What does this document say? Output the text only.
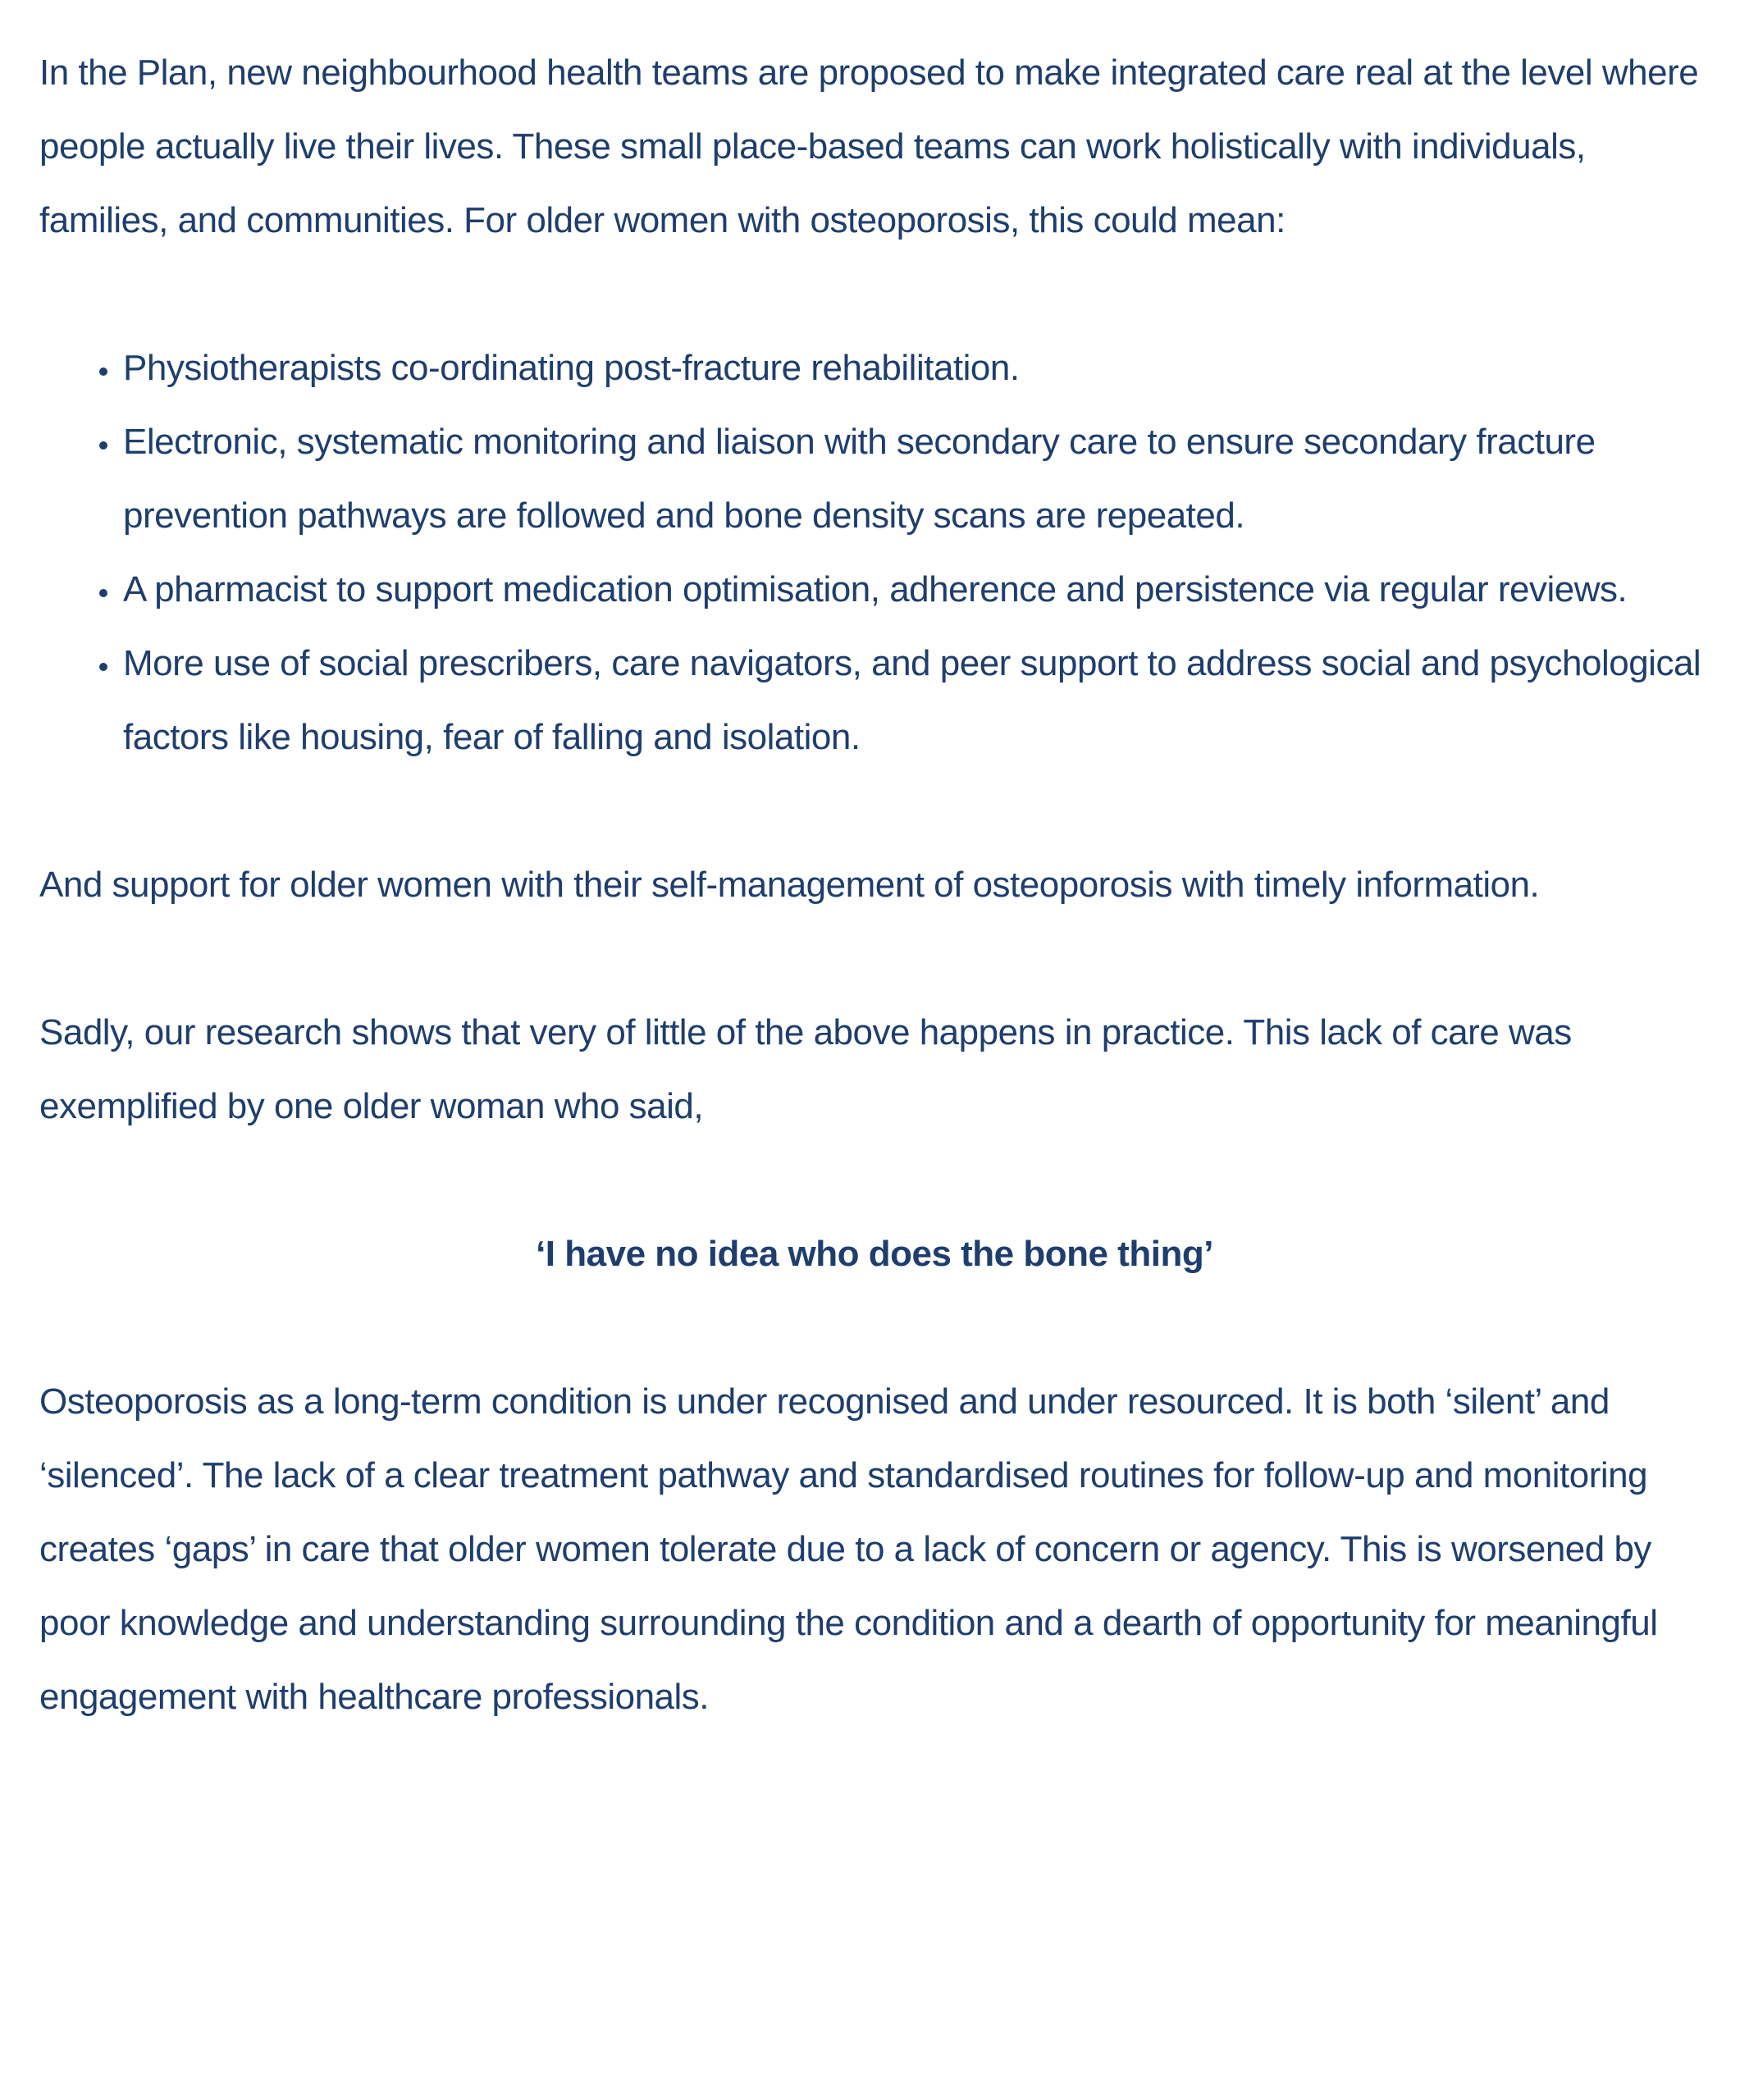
In the Plan, new neighbourhood health teams are proposed to make integrated care real at the level where people actually live their lives. These small place-based teams can work holistically with individuals, families, and communities. For older women with osteoporosis, this could mean:

• Physiotherapists co-ordinating post-fracture rehabilitation.
• Electronic, systematic monitoring and liaison with secondary care to ensure secondary fracture prevention pathways are followed and bone density scans are repeated.
• A pharmacist to support medication optimisation, adherence and persistence via regular reviews.
• More use of social prescribers, care navigators, and peer support to address social and psychological factors like housing, fear of falling and isolation.

And support for older women with their self-management of osteoporosis with timely information.

Sadly, our research shows that very of little of the above happens in practice. This lack of care was exemplified by one older woman who said,

‘I have no idea who does the bone thing’

Osteoporosis as a long-term condition is under recognised and under resourced. It is both ‘silent’ and ‘silenced’. The lack of a clear treatment pathway and standardised routines for follow-up and monitoring creates ‘gaps’ in care that older women tolerate due to a lack of concern or agency. This is worsened by poor knowledge and understanding surrounding the condition and a dearth of opportunity for meaningful engagement with healthcare professionals.
